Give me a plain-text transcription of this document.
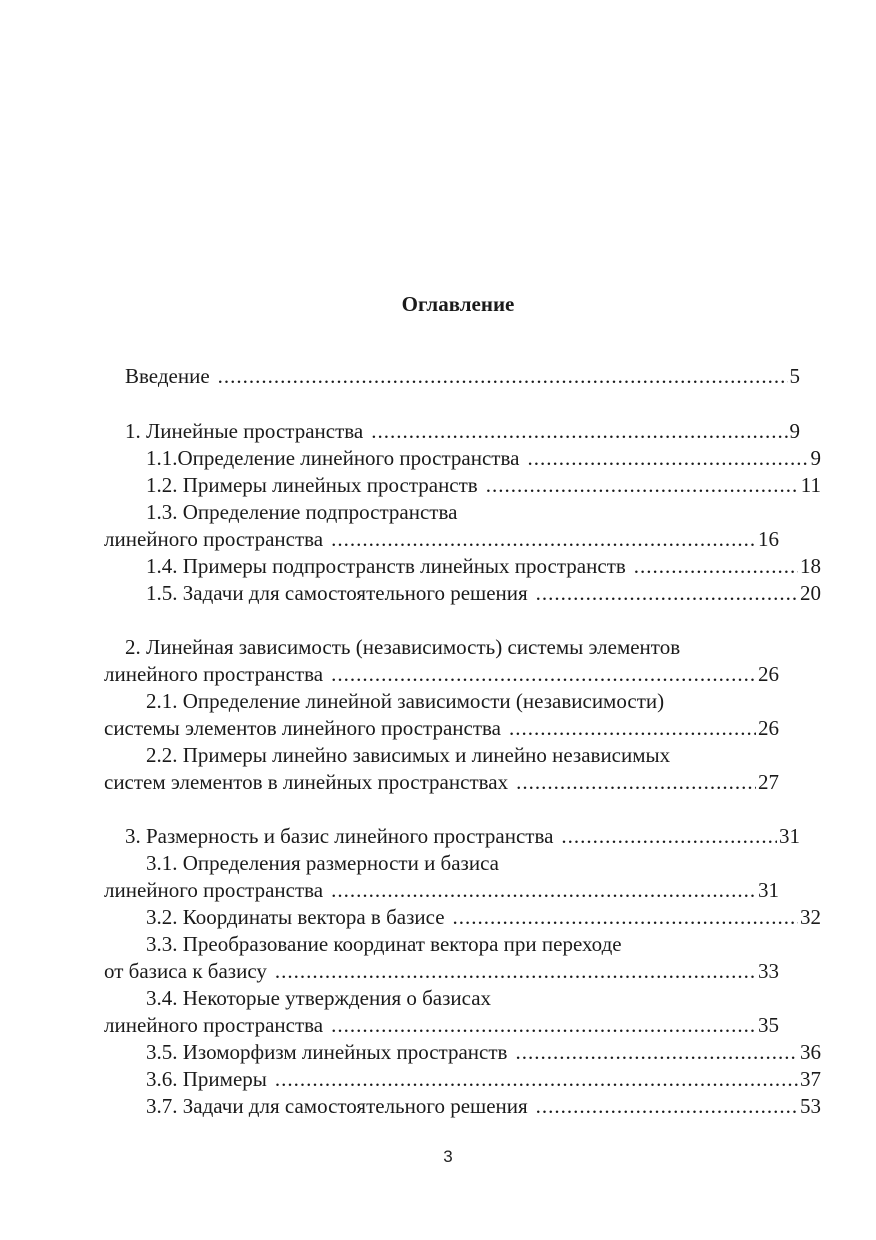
Оглавление
Введение .....	5
1. Линейные пространства .....	9
1.1.Определение линейного пространства .....	9
1.2. Примеры линейных пространств .....	11
1.3. Определение подпространства
линейного пространства .....	16
1.4. Примеры подпространств линейных пространств .....	18
1.5. Задачи для самостоятельного решения .....	20
2. Линейная зависимость (независимость) системы элементов
линейного пространства .....	26
2.1. Определение линейной зависимости (независимости)
системы элементов линейного пространства .....	26
2.2. Примеры линейно зависимых и линейно независимых
систем элементов в линейных пространствах .....	27
3. Размерность и базис линейного пространства .....	31
3.1. Определения размерности и базиса
линейного пространства .....	31
3.2. Координаты вектора в базисе .....	32
3.3. Преобразование координат вектора при переходе
от базиса к базису .....	33
3.4. Некоторые утверждения о базисах
линейного пространства .....	35
3.5. Изоморфизм линейных пространств .....	36
3.6. Примеры .....	37
3.7. Задачи для самостоятельного решения .....	53
3
